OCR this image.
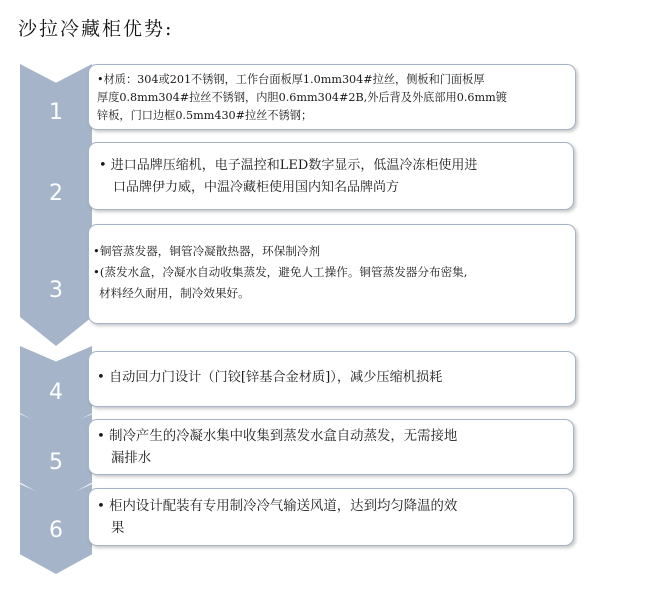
沙拉冷藏柜优势:
1
•材质：304或201不锈钢，工作台面板厚1.0mm304#拉丝，侧板和门面板厚
厚度0.8mm304#拉丝不锈钢，内胆0.6mm304#2B,外后背及外底部用0.6mm镀
锌板，门口边框0.5mm430#拉丝不锈钢；
2
• 进口品牌压缩机，电子温控和LED数字显示，低温冷冻柜使用进
口品牌伊力威，中温冷藏柜使用国内知名品牌尚方
3
•铜管蒸发器，铜管冷凝散热器，环保制冷剂
•(蒸发水盒，冷凝水自动收集蒸发，避免人工操作。铜管蒸发器分布密集,
材料经久耐用，制冷效果好。
4
• 自动回力门设计（门铰[锌基合金材质]），减少压缩机损耗
5
• 制冷产生的冷凝水集中收集到蒸发水盒自动蒸发，无需接地
漏排水
6
• 柜内设计配装有专用制冷冷气输送风道，达到均匀降温的效
果
